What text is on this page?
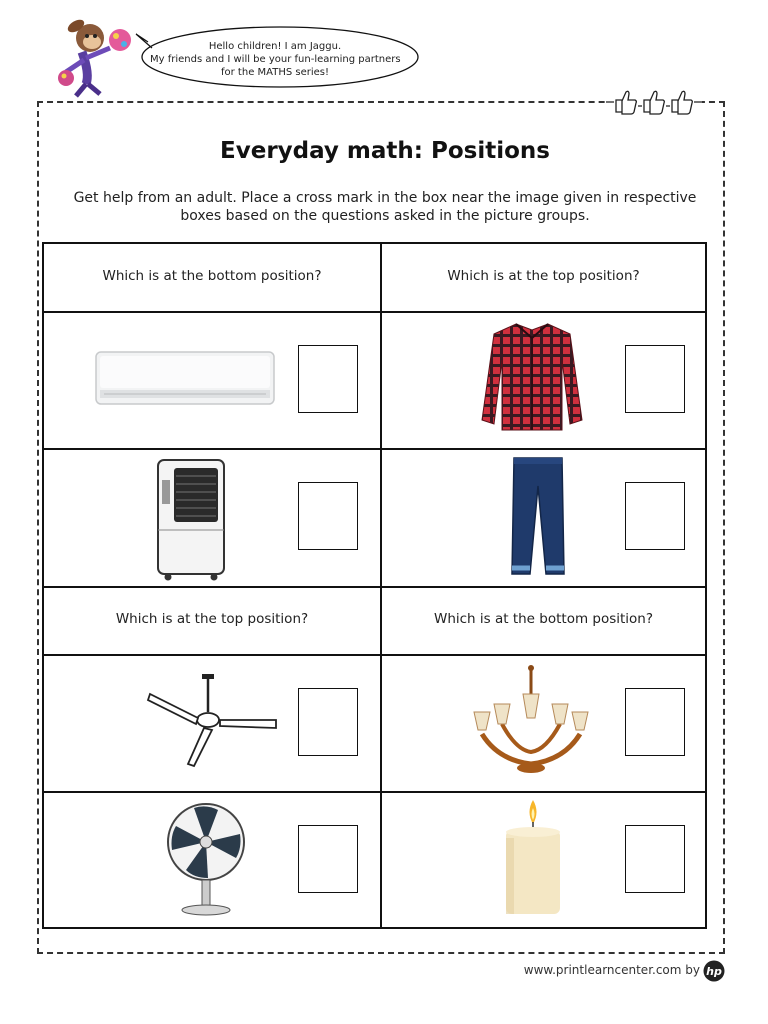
Hello children! I am Jaggu.
My friends and I will be your fun-learning partners
for the MATHS series!
Everyday math: Positions
Get help from an adult. Place a cross mark in the box near the image given in respective
boxes based on the questions asked in the picture groups.
Which is at the bottom position?	Which is at the top position?
Which is at the top position?	Which is at the bottom position?
www.printlearncenter.com by hp
